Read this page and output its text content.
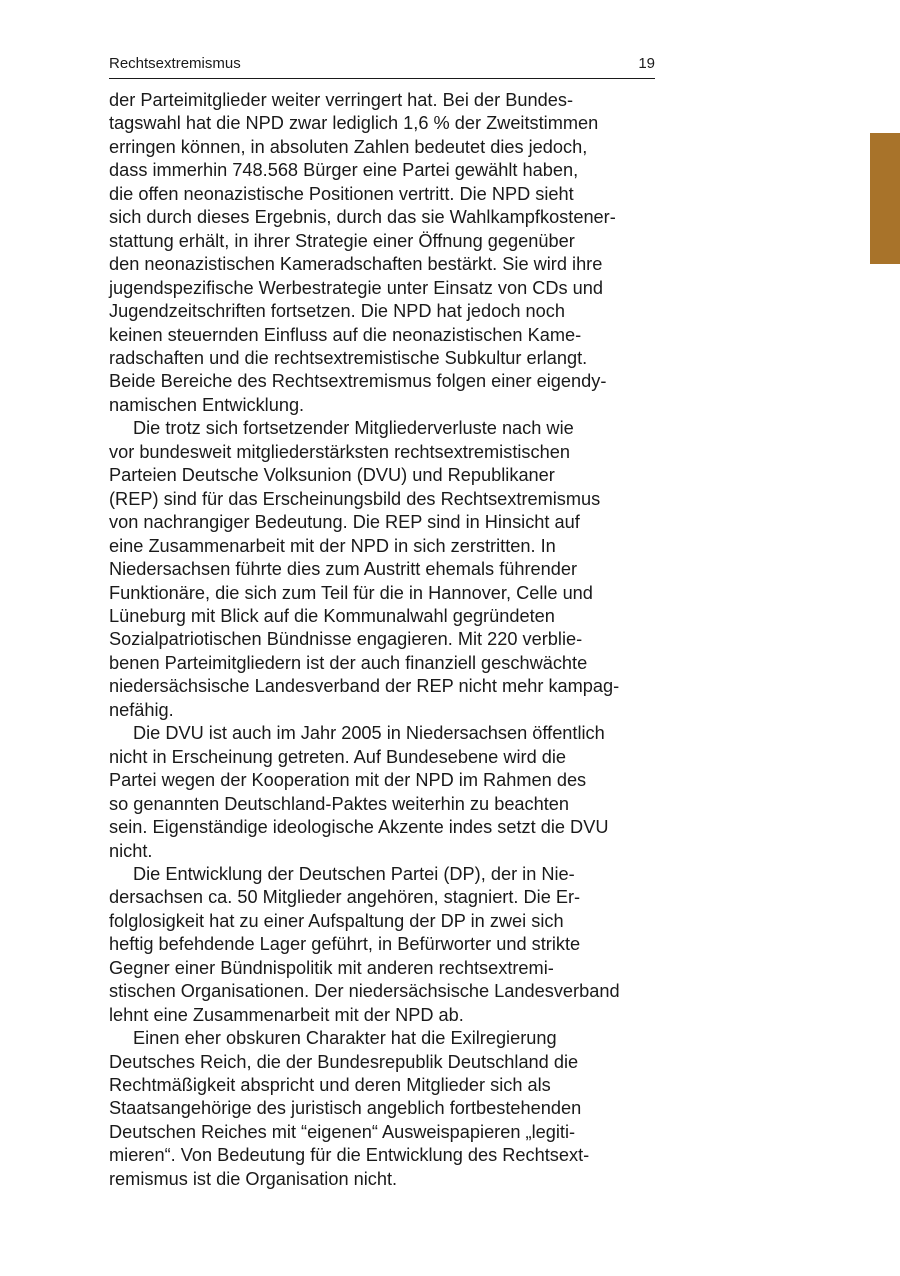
Rechtsextremismus	19
der Parteimitglieder weiter verringert hat. Bei der Bundes-
tagswahl hat die NPD zwar lediglich 1,6 % der Zweitstimmen
erringen können, in absoluten Zahlen bedeutet dies jedoch,
dass immerhin 748.568 Bürger eine Partei gewählt haben,
die offen neonazistische Positionen vertritt. Die NPD sieht
sich durch dieses Ergebnis, durch das sie Wahlkampfkostener-
stattung erhält, in ihrer Strategie einer Öffnung gegenüber
den neonazistischen Kameradschaften bestärkt. Sie wird ihre
jugendspezifische Werbestrategie unter Einsatz von CDs und
Jugendzeitschriften fortsetzen. Die NPD hat jedoch noch
keinen steuernden Einfluss auf die neonazistischen Kame-
radschaften und die rechtsextremistische Subkultur erlangt.
Beide Bereiche des Rechtsextremismus folgen einer eigendy-
namischen Entwicklung.
Die trotz sich fortsetzender Mitgliederverluste nach wie
vor bundesweit mitgliederstärksten rechtsextremistischen
Parteien Deutsche Volksunion (DVU) und Republikaner
(REP) sind für das Erscheinungsbild des Rechtsextremismus
von nachrangiger Bedeutung. Die REP sind in Hinsicht auf
eine Zusammenarbeit mit der NPD in sich zerstritten. In
Niedersachsen führte dies zum Austritt ehemals führender
Funktionäre, die sich zum Teil für die in Hannover, Celle und
Lüneburg mit Blick auf die Kommunalwahl gegründeten
Sozialpatriotischen Bündnisse engagieren. Mit 220 verblie-
benen Parteimitgliedern ist der auch finanziell geschwächte
niedersächsische Landesverband der REP nicht mehr kampag-
nefähig.
Die DVU ist auch im Jahr 2005 in Niedersachsen öffentlich
nicht in Erscheinung getreten. Auf Bundesebene wird die
Partei wegen der Kooperation mit der NPD im Rahmen des
so genannten Deutschland-Paktes weiterhin zu beachten
sein. Eigenständige ideologische Akzente indes setzt die DVU
nicht.
Die Entwicklung der Deutschen Partei (DP), der in Nie-
dersachsen ca. 50 Mitglieder angehören, stagniert. Die Er-
folglosigkeit hat zu einer Aufspaltung der DP in zwei sich
heftig befehdende Lager geführt, in Befürworter und strikte
Gegner einer Bündnispolitik mit anderen rechtsextremi-
stischen Organisationen. Der niedersächsische Landesverband
lehnt eine Zusammenarbeit mit der NPD ab.
Einen eher obskuren Charakter hat die Exilregierung
Deutsches Reich, die der Bundesrepublik Deutschland die
Rechtmäßigkeit abspricht und deren Mitglieder sich als
Staatsangehörige des juristisch angeblich fortbestehenden
Deutschen Reiches mit “eigenen“ Ausweispapieren „legiti-
mieren“. Von Bedeutung für die Entwicklung des Rechtsext-
remismus ist die Organisation nicht.
